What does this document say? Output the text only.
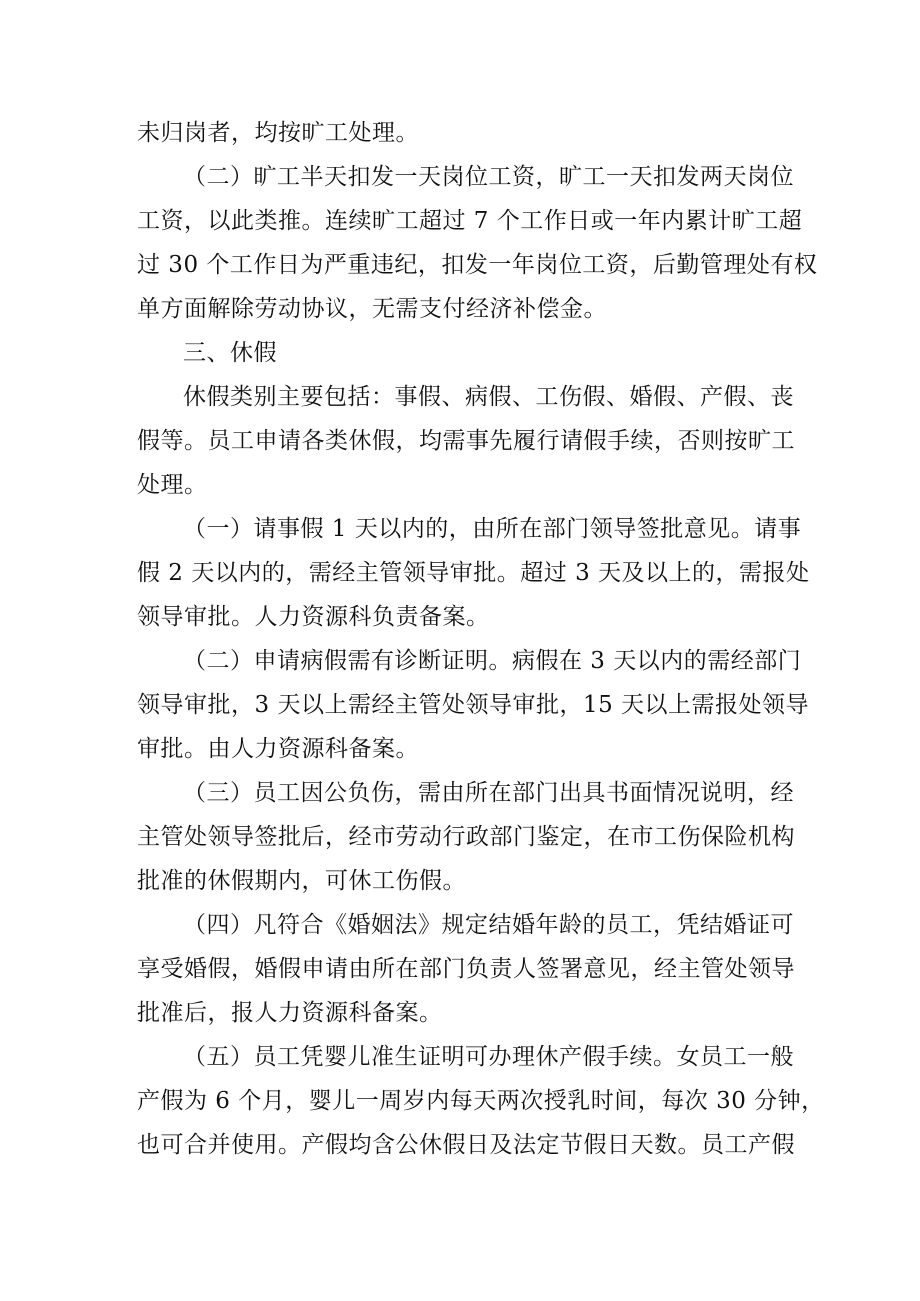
未归岗者，均按旷工处理。
（二）旷工半天扣发一天岗位工资，旷工一天扣发两天岗位
工资，以此类推。连续旷工超过 7 个工作日或一年内累计旷工超
过 30 个工作日为严重违纪，扣发一年岗位工资，后勤管理处有权
单方面解除劳动协议，无需支付经济补偿金。
三、休假
休假类别主要包括：事假、病假、工伤假、婚假、产假、丧
假等。员工申请各类休假，均需事先履行请假手续，否则按旷工
处理。
（一）请事假 1 天以内的，由所在部门领导签批意见。请事
假 2 天以内的，需经主管领导审批。超过 3 天及以上的，需报处
领导审批。人力资源科负责备案。
（二）申请病假需有诊断证明。病假在 3 天以内的需经部门
领导审批，3 天以上需经主管处领导审批，15 天以上需报处领导
审批。由人力资源科备案。
（三）员工因公负伤，需由所在部门出具书面情况说明，经
主管处领导签批后，经市劳动行政部门鉴定，在市工伤保险机构
批准的休假期内，可休工伤假。
（四）凡符合《婚姻法》规定结婚年龄的员工，凭结婚证可
享受婚假，婚假申请由所在部门负责人签署意见，经主管处领导
批准后，报人力资源科备案。
（五）员工凭婴儿准生证明可办理休产假手续。女员工一般
产假为 6 个月，婴儿一周岁内每天两次授乳时间，每次 30 分钟，
也可合并使用。产假均含公休假日及法定节假日天数。员工产假
